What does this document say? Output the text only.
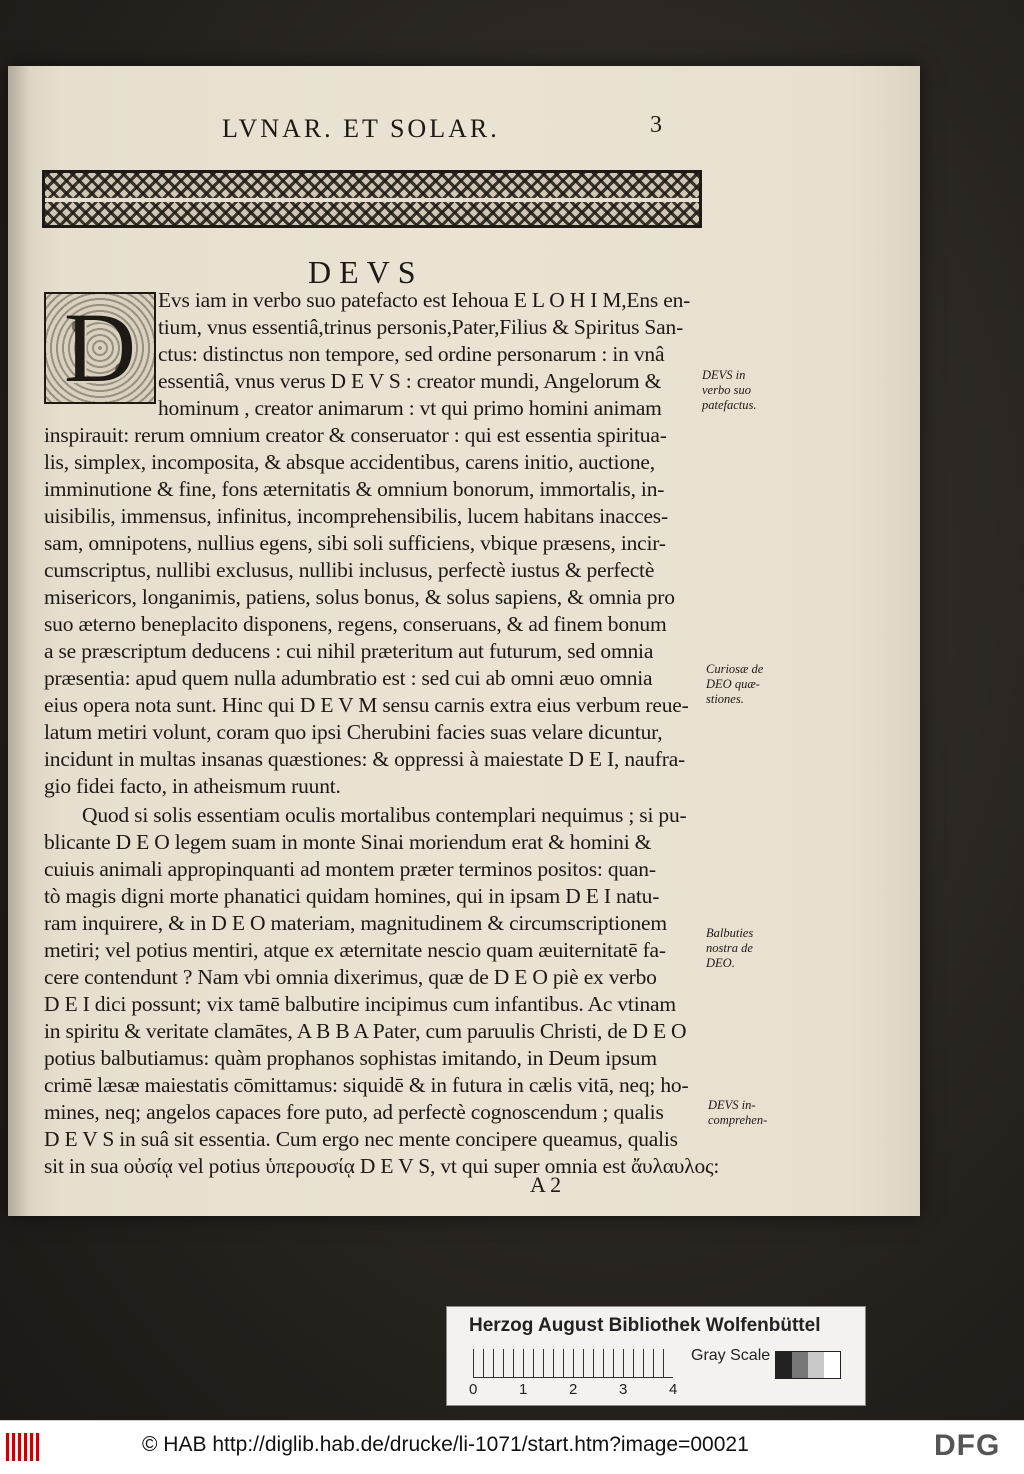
LVNAR. ET SOLAR.	3
DEVS
D Evs iam in verbo suo patefacto est Iehoua E L O H I M,Ens en-
tium, vnus essentiâ,trinus personis,Pater,Filius & Spiritus San-
ctus: distinctus non tempore, sed ordine personarum : in vnâ
essentiâ, vnus verus D E V S : creator mundi, Angelorum &
hominum , creator animarum : vt qui primo homini animam
inspirauit: rerum omnium creator & conseruator : qui est essentia spiritua-
lis, simplex, incomposita, & absque accidentibus, carens initio, auctione,
imminutione & fine, fons æternitatis & omnium bonorum, immortalis, in-
uisibilis, immensus, infinitus, incomprehensibilis, lucem habitans inacces-
sam, omnipotens, nullius egens, sibi soli sufficiens, vbique præsens, incir-
cumscriptus, nullibi exclusus, nullibi inclusus, perfectè iustus & perfectè
misericors, longanimis, patiens, solus bonus, & solus sapiens, & omnia pro
suo æterno beneplacito disponens, regens, conseruans, & ad finem bonum
a se præscriptum deducens : cui nihil præteritum aut futurum, sed omnia
præsentia: apud quem nulla adumbratio est : sed cui ab omni æuo omnia
eius opera nota sunt. Hinc qui D E V M sensu carnis extra eius verbum reue-
latum metiri volunt, coram quo ipsi Cherubini facies suas velare dicuntur,
incidunt in multas insanas quæstiones: & oppressi à maiestate D E I, naufra-
gio fidei facto, in atheismum ruunt.
Quod si solis essentiam oculis mortalibus contemplari nequimus ; si pu-
blicante D E O legem suam in monte Sinai moriendum erat & homini &
cuiuis animali appropinquanti ad montem præter terminos positos: quan-
tò magis digni morte phanatici quidam homines, qui in ipsam D E I natu-
ram inquirere, & in D E O materiam, magnitudinem & circumscriptionem
metiri; vel potius mentiri, atque ex æternitate nescio quam æuiternitatē fa-
cere contendunt ? Nam vbi omnia dixerimus, quæ de D E O piè ex verbo
D E I dici possunt; vix tamē balbutire incipimus cum infantibus. Ac vtinam
in spiritu & veritate clamātes, A B B A Pater, cum paruulis Christi, de D E O
potius balbutiamus: quàm prophanos sophistas imitando, in Deum ipsum
crimē læsæ maiestatis cōmittamus: siquidē & in futura in cælis vitā, neq; ho-
mines, neq; angelos capaces fore puto, ad perfectè cognoscendum ; qualis
D E V S in suâ sit essentia. Cum ergo nec mente concipere queamus, qualis
sit in sua οὐσίᾳ vel potius ὑπερουσίᾳ D E V S, vt qui super omnia est ἄυλαυλος:
DEVS in
verbo suo
patefactus.
Curiosæ de
DEO quæ-
stiones.
Balbuties
nostra de
DEO.
DEVS in-
comprehen-
A 2
Herzog August Bibliothek Wolfenbüttel
0	1	2	3	4
Gray Scale
© HAB http://diglib.hab.de/drucke/li-1071/start.htm?image=00021	DFG
